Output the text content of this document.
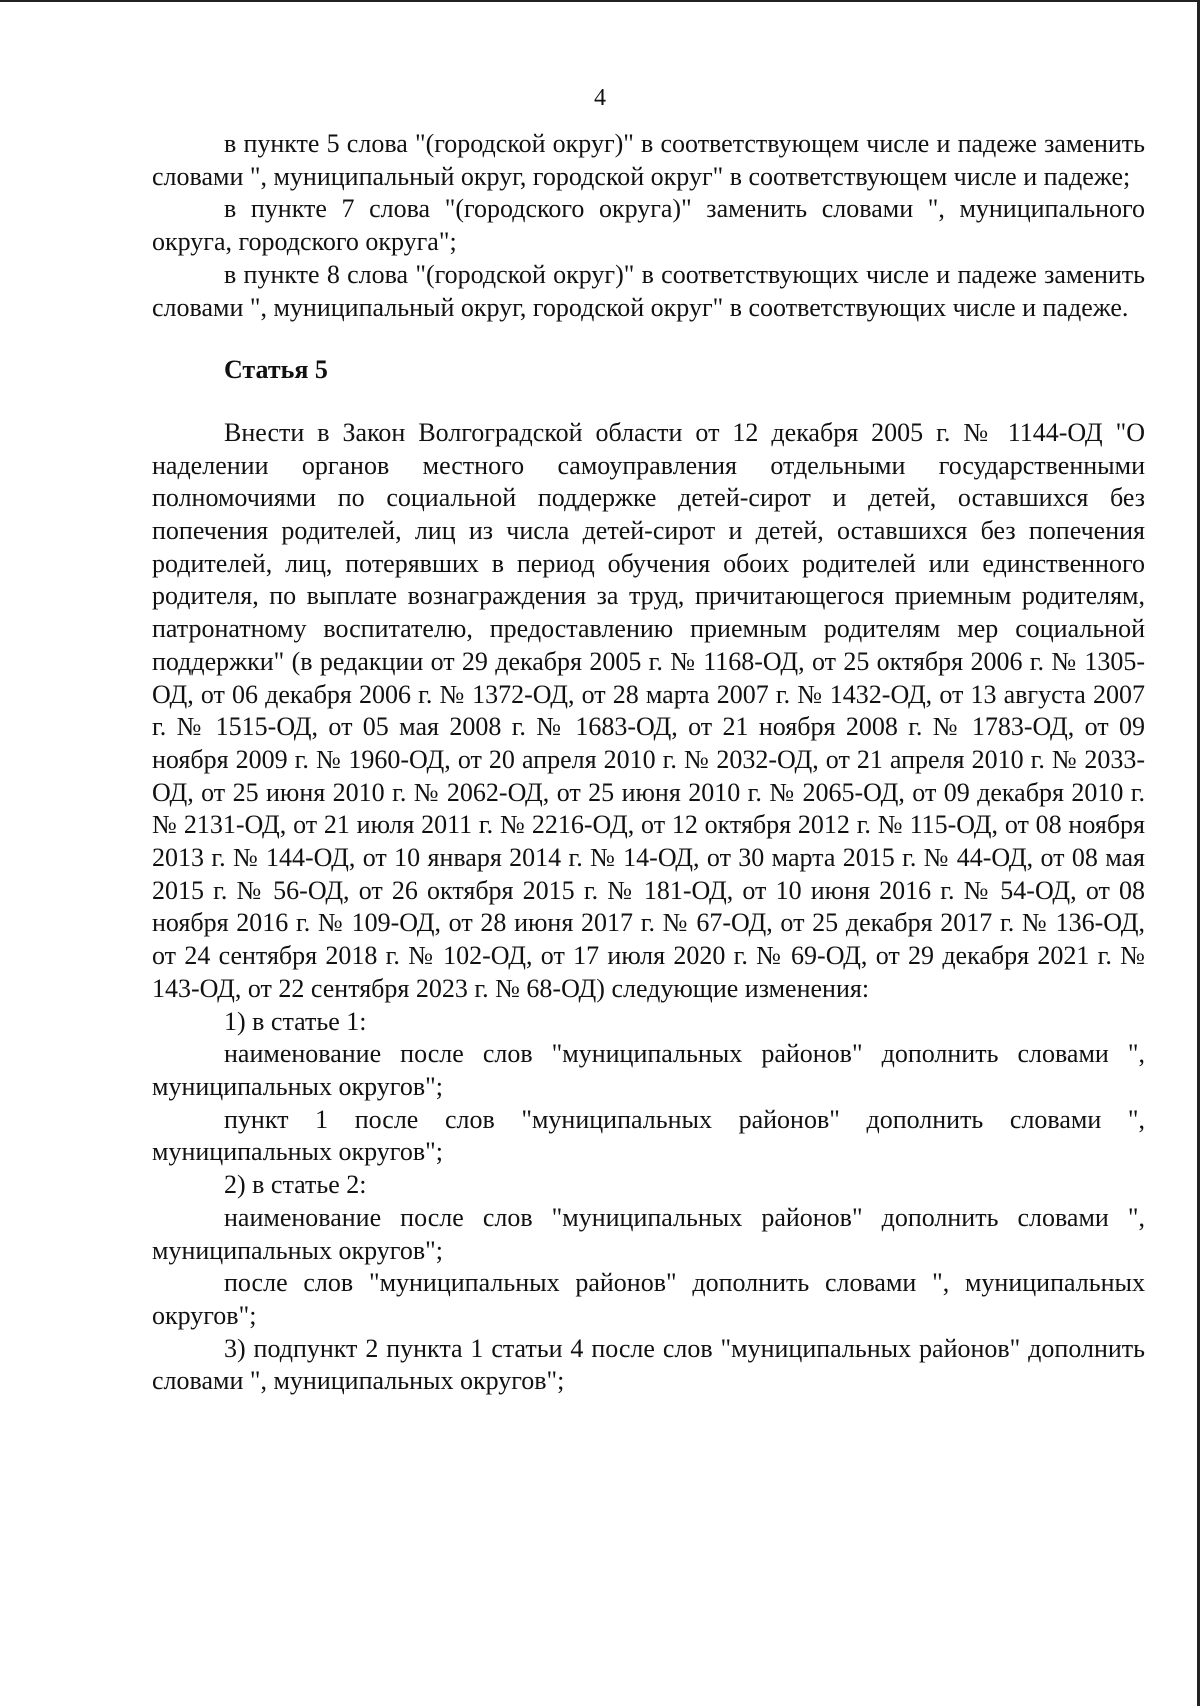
4

в пункте 5 слова "(городской округ)" в соответствующем числе и падеже заменить словами ", муниципальный округ, городской округ" в соответствующем числе и падеже;

в пункте 7 слова "(городского округа)" заменить словами ", муниципального округа, городского округа";

в пункте 8 слова "(городской округ)" в соответствующих числе и падеже заменить словами ", муниципальный округ, городской округ" в соответствующих числе и падеже.

Статья 5

Внести в Закон Волгоградской области от 12 декабря 2005 г. № 1144-ОД "О наделении органов местного самоуправления отдельными государственными полномочиями по социальной поддержке детей-сирот и детей, оставшихся без попечения родителей, лиц из числа детей-сирот и детей, оставшихся без попечения родителей, лиц, потерявших в период обучения обоих родителей или единственного родителя, по выплате вознаграждения за труд, причитающегося приемным родителям, патронатному воспитателю, предоставлению приемным родителям мер социальной поддержки" (в редакции от 29 декабря 2005 г. № 1168-ОД, от 25 октября 2006 г. № 1305-ОД, от 06 декабря 2006 г. № 1372-ОД, от 28 марта 2007 г. № 1432-ОД, от 13 августа 2007 г. № 1515-ОД, от 05 мая 2008 г. № 1683-ОД, от 21 ноября 2008 г. № 1783-ОД, от 09 ноября 2009 г. № 1960-ОД, от 20 апреля 2010 г. № 2032-ОД, от 21 апреля 2010 г. № 2033-ОД, от 25 июня 2010 г. № 2062-ОД, от 25 июня 2010 г. № 2065-ОД, от 09 декабря 2010 г. № 2131-ОД, от 21 июля 2011 г. № 2216-ОД, от 12 октября 2012 г. № 115-ОД, от 08 ноября 2013 г. № 144-ОД, от 10 января 2014 г. № 14-ОД, от 30 марта 2015 г. № 44-ОД, от 08 мая 2015 г. № 56-ОД, от 26 октября 2015 г. № 181-ОД, от 10 июня 2016 г. № 54-ОД, от 08 ноября 2016 г. № 109-ОД, от 28 июня 2017 г. № 67-ОД, от 25 декабря 2017 г. № 136-ОД, от 24 сентября 2018 г. № 102-ОД, от 17 июля 2020 г. № 69-ОД, от 29 декабря 2021 г. № 143-ОД, от 22 сентября 2023 г. № 68-ОД) следующие изменения:

1) в статье 1:

наименование после слов "муниципальных районов" дополнить словами ", муниципальных округов";

пункт 1 после слов "муниципальных районов" дополнить словами ", муниципальных округов";

2) в статье 2:

наименование после слов "муниципальных районов" дополнить словами ", муниципальных округов";

после слов "муниципальных районов" дополнить словами ", муниципальных округов";

3) подпункт 2 пункта 1 статьи 4 после слов "муниципальных районов" дополнить словами ", муниципальных округов";
